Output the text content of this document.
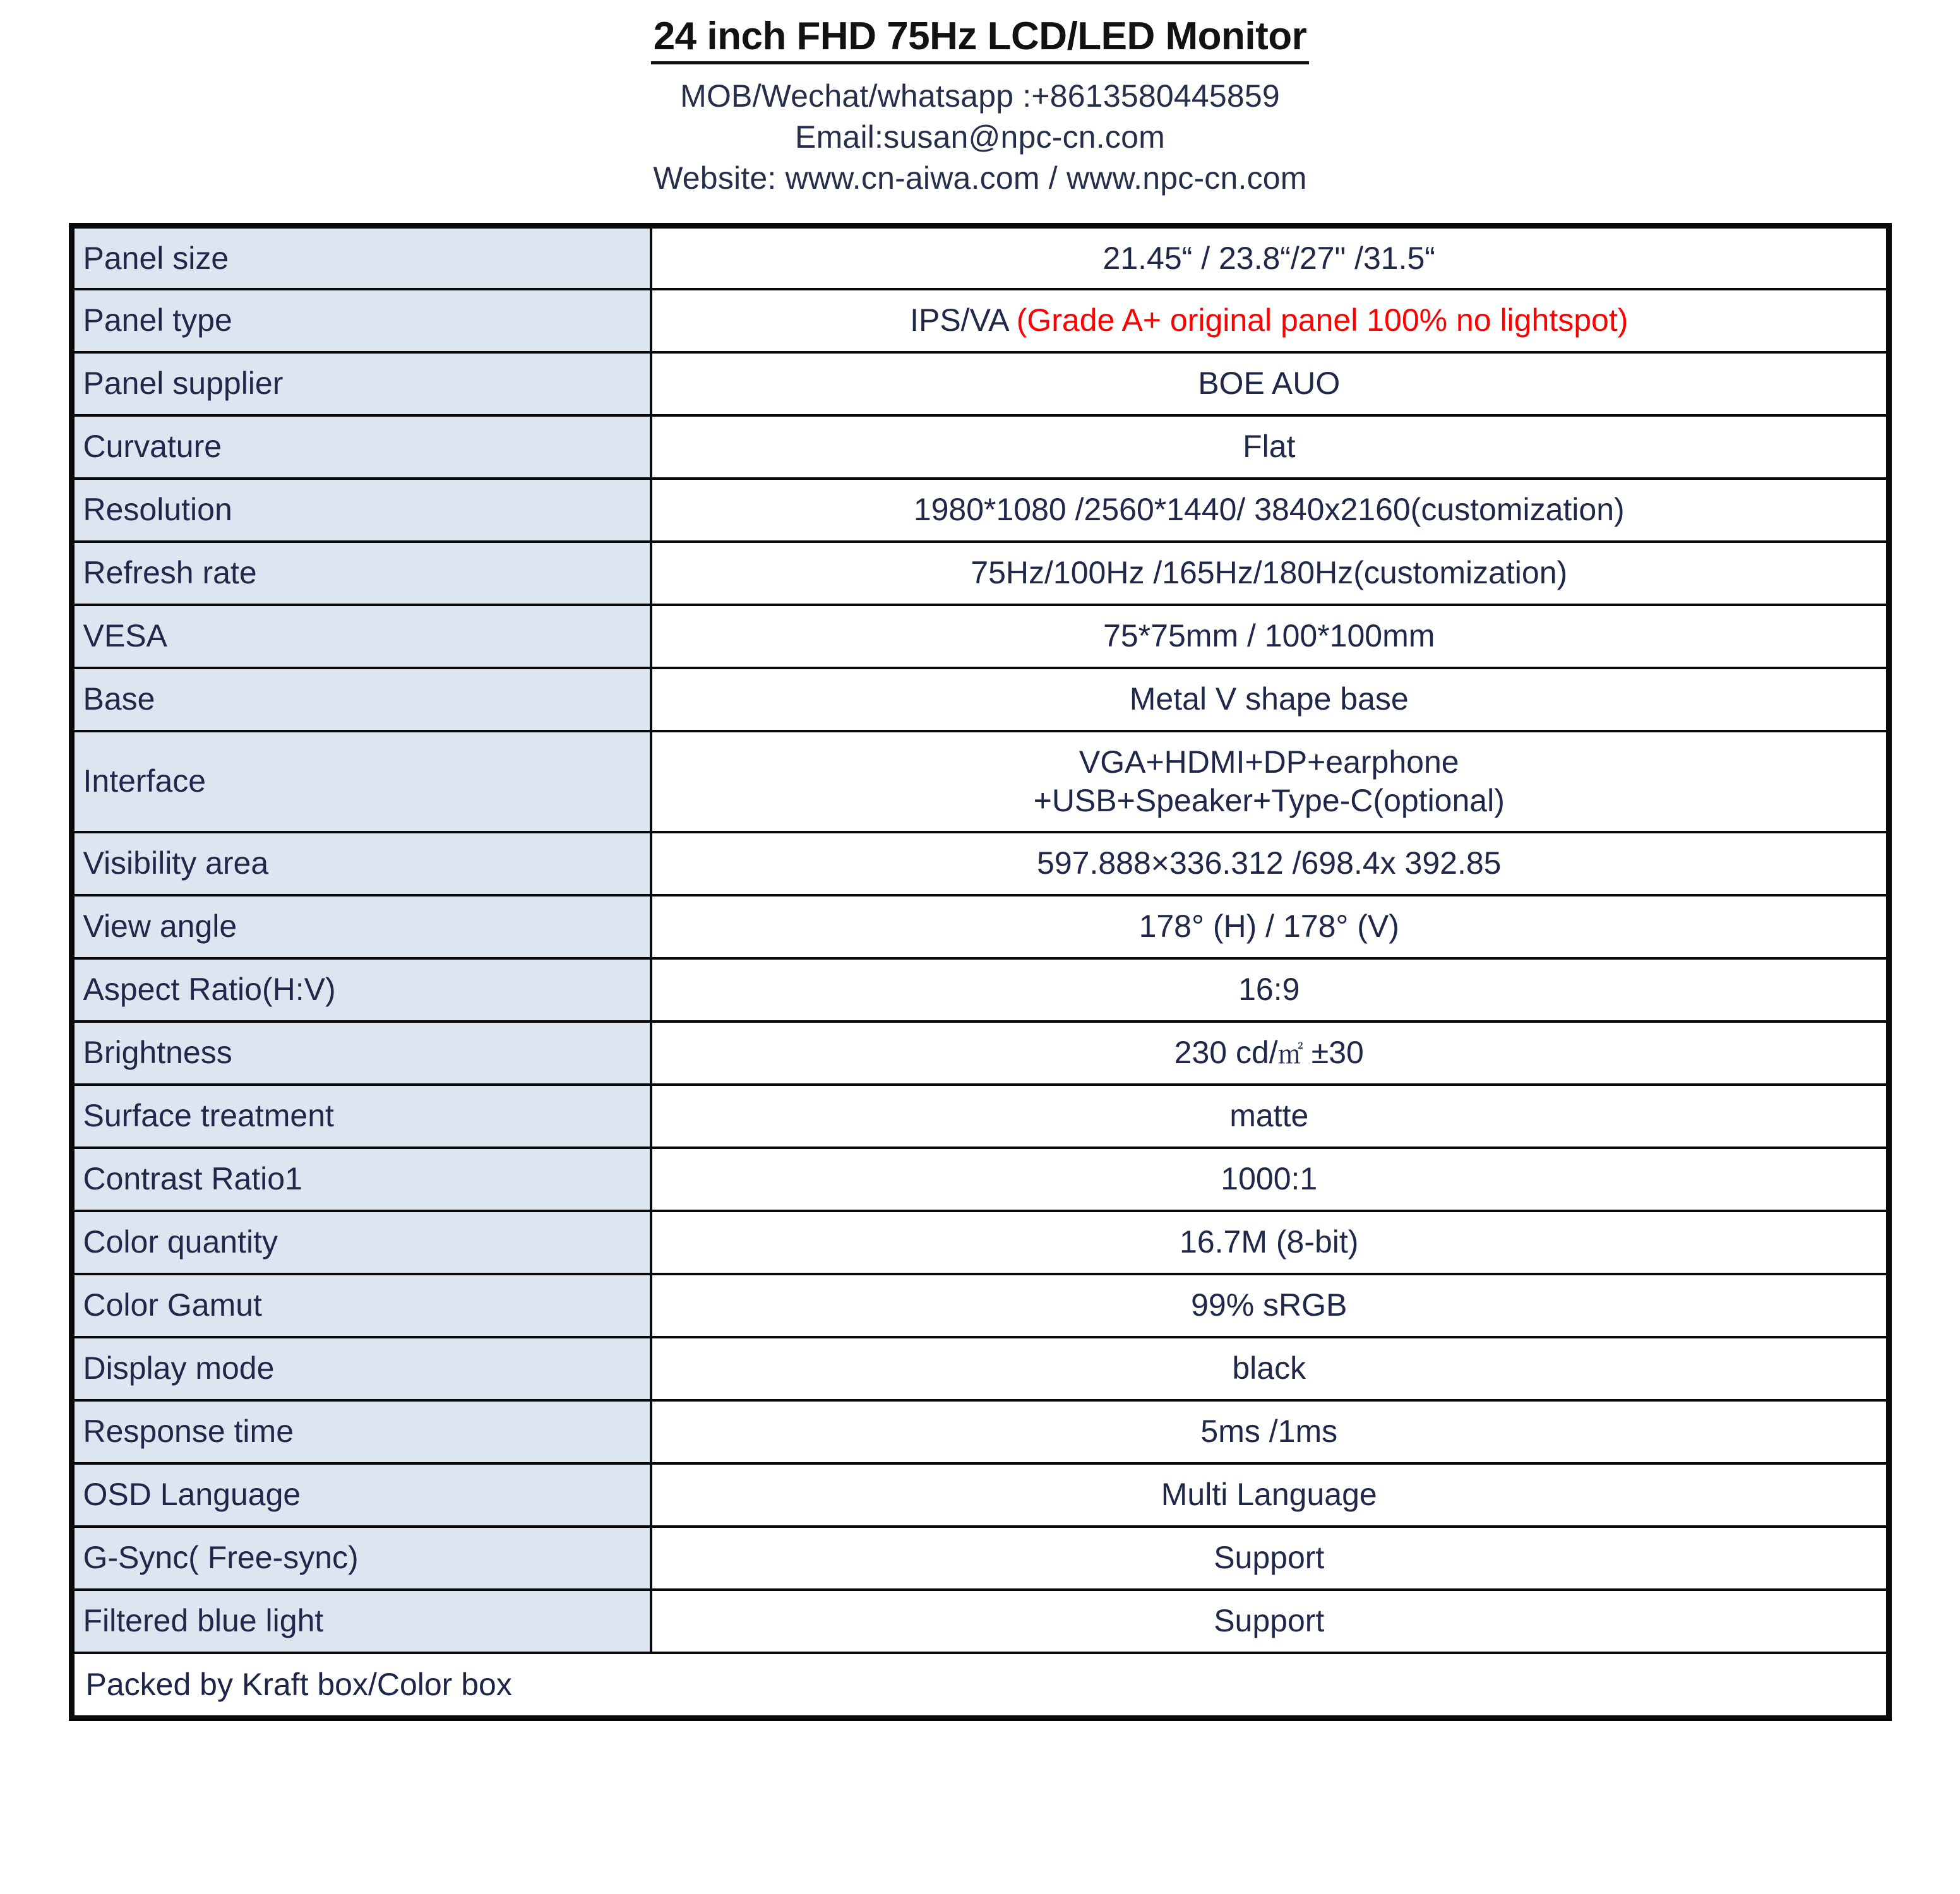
24 inch FHD 75Hz LCD/LED Monitor
MOB/Wechat/whatsapp :+8613580445859
Email:susan@npc-cn.com
Website: www.cn-aiwa.com / www.npc-cn.com
Panel size	21.45“ / 23.8“/27" /31.5“
Panel type	IPS/VA (Grade A+ original panel 100% no lightspot)
Panel supplier	BOE AUO
Curvature	Flat
Resolution	1980*1080 /2560*1440/ 3840x2160(customization)
Refresh rate	75Hz/100Hz /165Hz/180Hz(customization)
VESA	75*75mm / 100*100mm
Base	Metal V shape base
Interface	VGA+HDMI+DP+earphone
+USB+Speaker+Type-C(optional)

Visibility area	597.888×336.312 /698.4x 392.85
View angle	178° (H) / 178° (V)
Aspect Ratio(H:V)	16:9
Brightness	230 cd/㎡ ±30
Surface treatment	matte
Contrast Ratio1	1000:1
Color quantity	16.7M (8-bit)
Color Gamut	99% sRGB
Display mode	black
Response time	5ms /1ms
OSD Language	Multi Language
G-Sync( Free-sync)	Support
Filtered blue light	Support
Packed by Kraft box/Color box	
